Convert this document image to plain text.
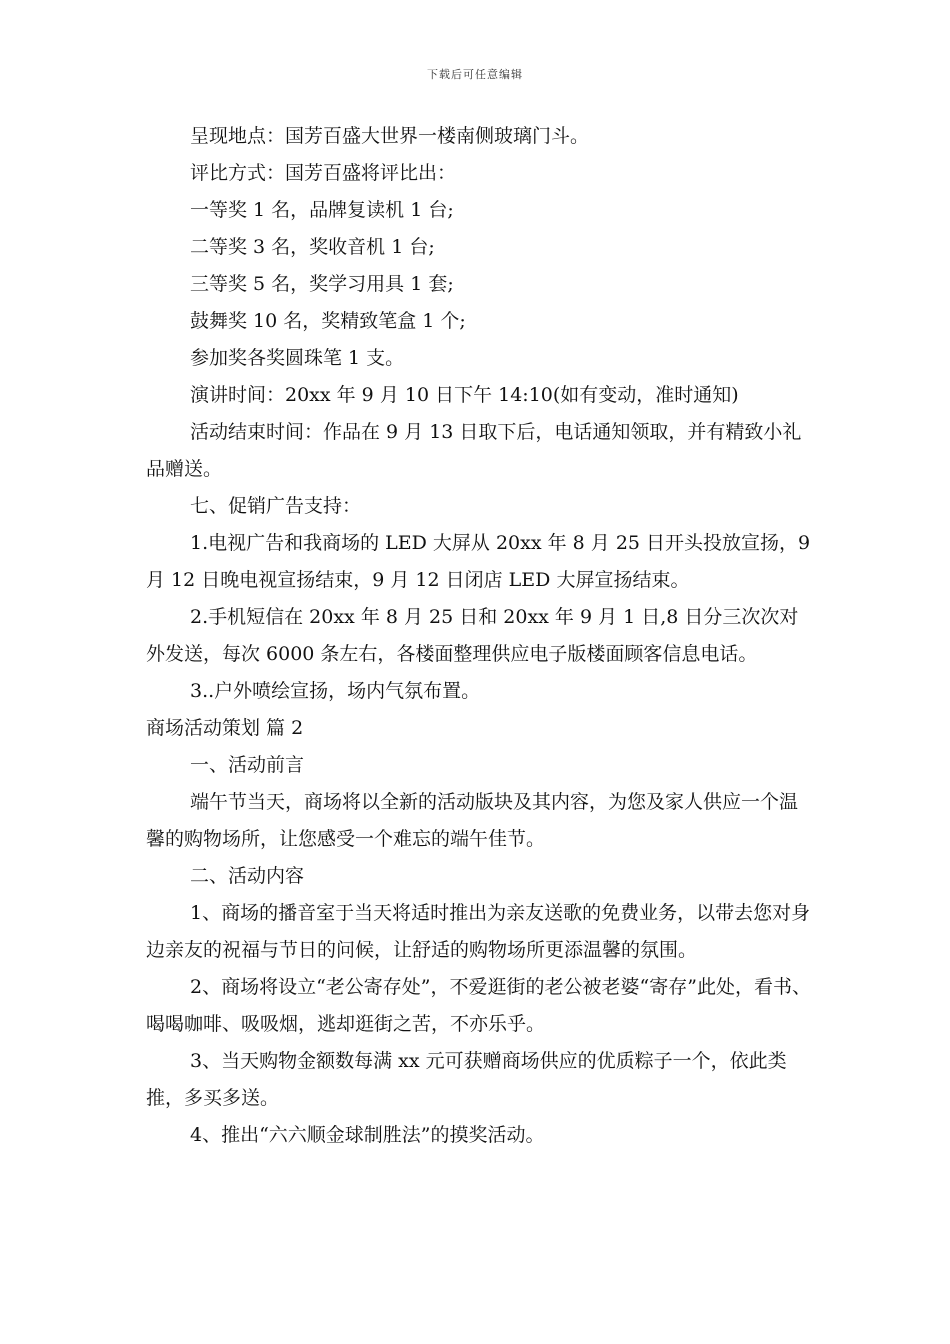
下载后可任意编辑

呈现地点：国芳百盛大世界一楼南侧玻璃门斗。

评比方式：国芳百盛将评比出：

一等奖 1 名，品牌复读机 1 台;

二等奖 3 名，奖收音机 1 台;

三等奖 5 名，奖学习用具 1 套;

鼓舞奖 10 名，奖精致笔盒 1 个;

参加奖各奖圆珠笔 1 支。

演讲时间：20xx 年 9 月 10 日下午 14:10(如有变动，准时通知)

活动结束时间：作品在 9 月 13 日取下后，电话通知领取，并有精致小礼品赠送。

七、促销广告支持：

1.电视广告和我商场的 LED 大屏从 20xx 年 8 月 25 日开头投放宣扬，9 月 12 日晚电视宣扬结束，9 月 12 日闭店 LED 大屏宣扬结束。

2.手机短信在 20xx 年 8 月 25 日和 20xx 年 9 月 1 日,8 日分三次次对外发送，每次 6000 条左右，各楼面整理供应电子版楼面顾客信息电话。

3..户外喷绘宣扬，场内气氛布置。

商场活动策划 篇 2

一、活动前言

端午节当天，商场将以全新的活动版块及其内容，为您及家人供应一个温馨的购物场所，让您感受一个难忘的端午佳节。

二、活动内容

1、商场的播音室于当天将适时推出为亲友送歌的免费业务，以带去您对身边亲友的祝福与节日的问候，让舒适的购物场所更添温馨的氛围。

2、商场将设立“老公寄存处”，不爱逛街的老公被老婆“寄存”此处，看书、喝喝咖啡、吸吸烟，逃却逛街之苦，不亦乐乎。

3、当天购物金额数每满 xx 元可获赠商场供应的优质粽子一个，依此类推，多买多送。

4、推出“六六顺金球制胜法”的摸奖活动。
